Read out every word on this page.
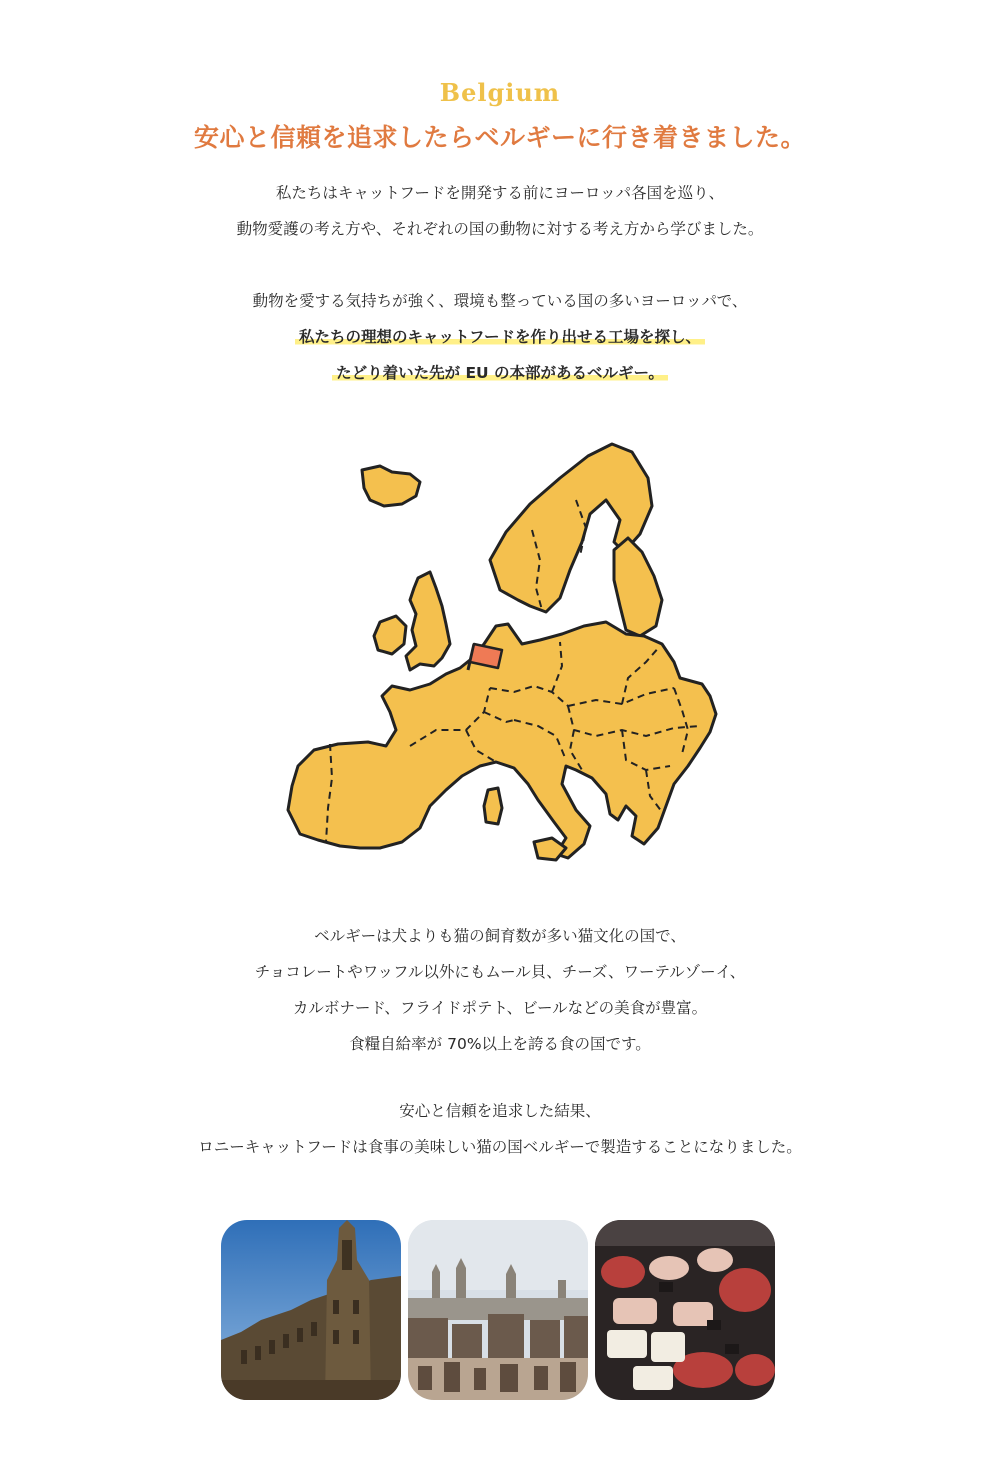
Belgium
安心と信頼を追求したらベルギーに行き着きました。
私たちはキャットフードを開発する前にヨーロッパ各国を巡り、
動物愛護の考え方や、それぞれの国の動物に対する考え方から学びました。
動物を愛する気持ちが強く、環境も整っている国の多いヨーロッパで、
私たちの理想のキャットフードを作り出せる工場を探し、
たどり着いた先が EU の本部があるベルギー。
ベルギーは犬よりも猫の飼育数が多い猫文化の国で、
チョコレートやワッフル以外にもムール貝、チーズ、ワーテルゾーイ、
カルボナード、フライドポテト、ビールなどの美食が豊富。
食糧自給率が 70%以上を誇る食の国です。
安心と信頼を追求した結果、
ロニーキャットフードは食事の美味しい猫の国ベルギーで製造することになりました。
